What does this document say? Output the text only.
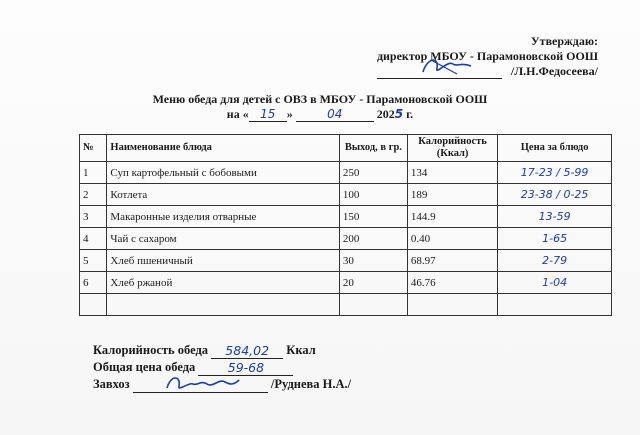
Утверждаю:
директор МБОУ - Парамоновской ООШ
/Л.Н.Федосеева/
Меню обеда для детей с ОВЗ в МБОУ - Парамоновской ООШ
на « 15 »	04	2025 г.
№	Наименование блюда	Выход, в гр.	Калорийность (Ккал)	Цена за блюдо
1	Суп картофельный с бобовыми	250	134	17-23 / 5-99
2	Котлета	100	189	23-38 / 0-25
3	Макаронные изделия отварные	150	144.9	13-59
4	Чай с сахаром	200	0.40	1-65
5	Хлеб пшеничный	30	68.97	2-79
6	Хлеб ржаной	20	46.76	1-04

Калорийность обеда 584,02 Ккал
Общая цена обеда	59-68
Завхоз	/Руднева Н.А./
